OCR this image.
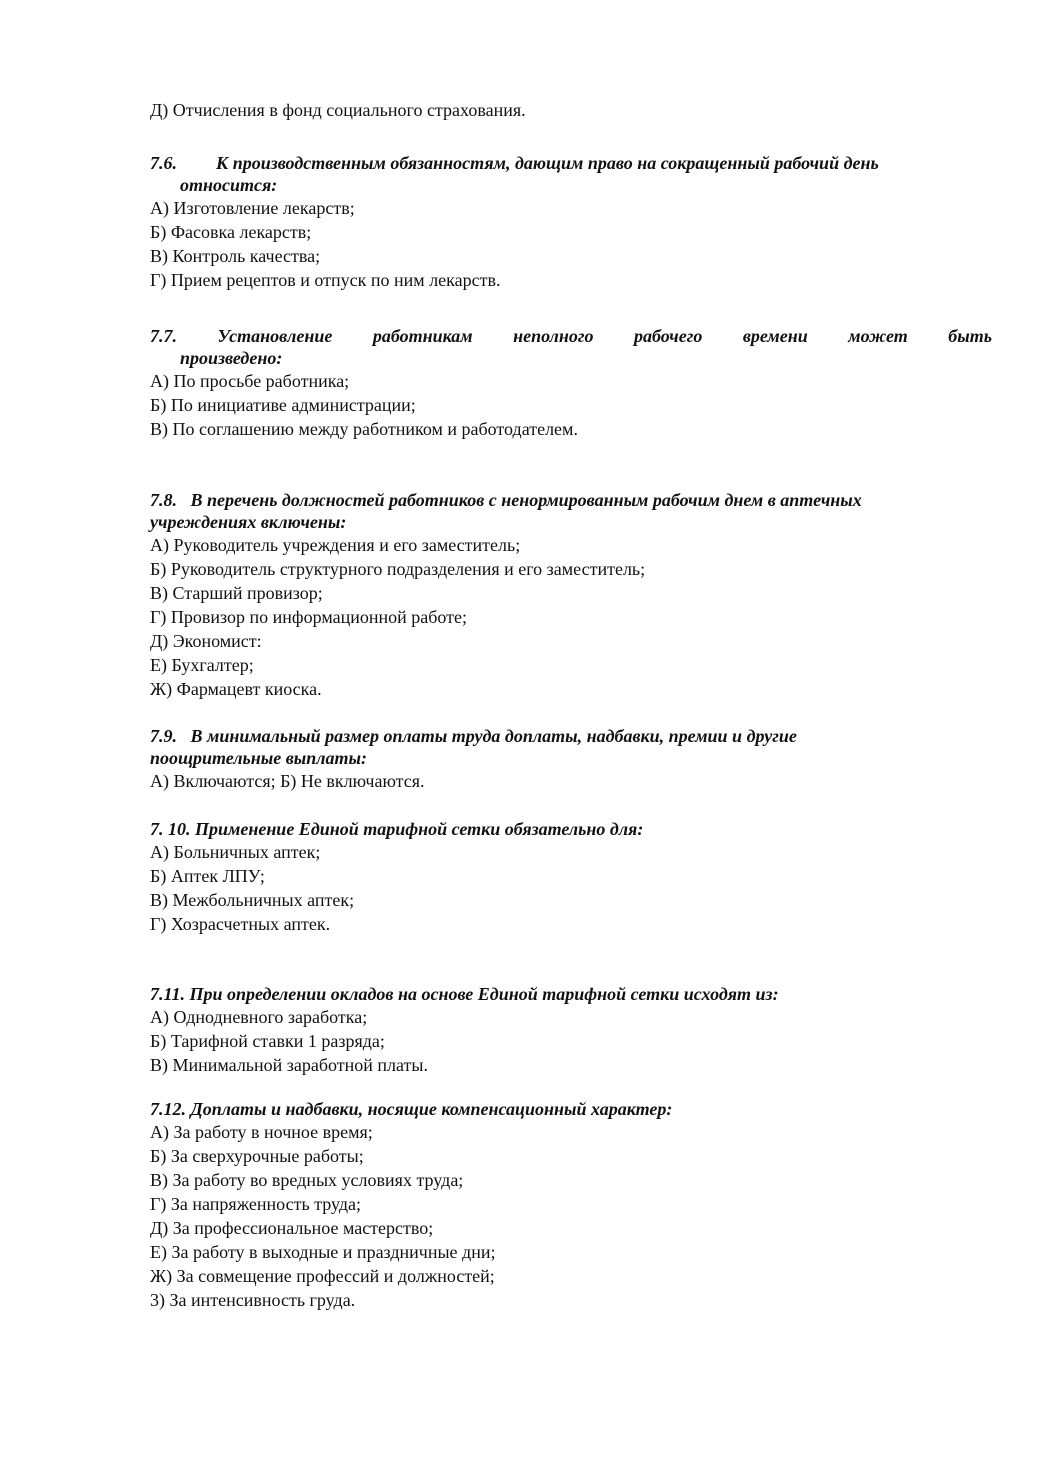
Д) Отчисления в фонд социального страхования.

7.6.	К производственным обязанностям, дающим право на сокращенный рабочий день

относится:

А) Изготовление лекарств;

Б) Фасовка лекарств;

В) Контроль качества;

Г) Прием рецептов и отпуск по ним лекарств.

7.7. Установление работникам неполного рабочего времени может быть

произведено:

А) По просьбе работника;

Б) По инициативе администрации;

В) По соглашению между работником и работодателем.

7.8.   В перечень должностей работников с ненормированным рабочим днем в аптечных

учреждениях включены:

А) Руководитель учреждения и его заместитель;

Б) Руководитель структурного подразделения и его заместитель;

В) Старший провизор;

Г) Провизор по информационной работе;

Д) Экономист:

Е) Бухгалтер;

Ж) Фармацевт киоска.

7.9.   В минимальный размер оплаты труда доплаты, надбавки, премии и другие

поощрительные выплаты:

А) Включаются; Б) Не включаются.

7. 10. Применение Единой тарифной сетки обязательно для:

А) Больничных аптек;

Б) Аптек ЛПУ;

В) Межбольничных аптек;

Г) Хозрасчетных аптек.

7.11. При определении окладов на основе Единой тарифной сетки исходят из:

А) Однодневного заработка;

Б) Тарифной ставки 1 разряда;

В) Минимальной заработной платы.

7.12. Доплаты и надбавки, носящие компенсационный характер:

А) За работу в ночное время;

Б) За сверхурочные работы;

В) За работу во вредных условиях труда;

Г) За напряженность труда;

Д) За профессиональное мастерство;

Е) За работу в выходные и праздничные дни;

Ж) За совмещение профессий и должностей;

3) За интенсивность груда.
